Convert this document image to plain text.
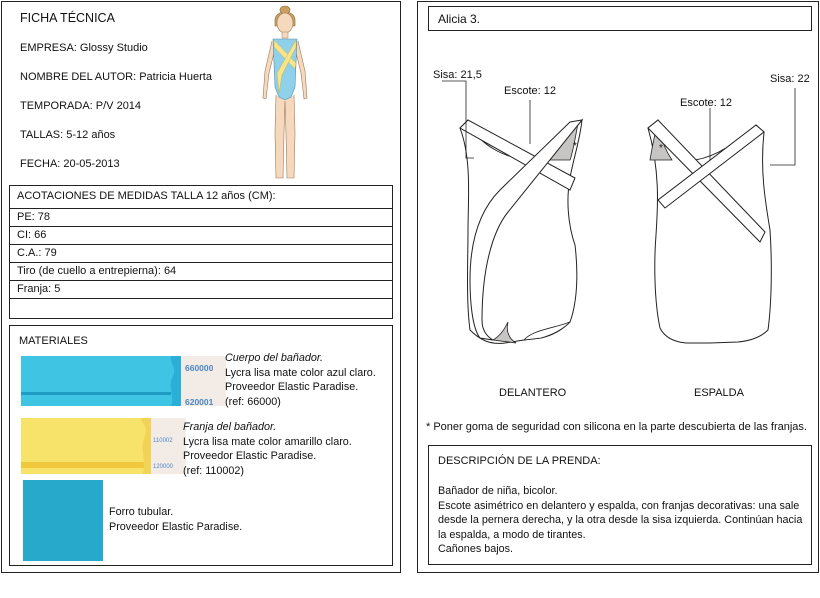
FICHA TÉCNICA
EMPRESA: Glossy Studio
NOMBRE DEL AUTOR: Patricia Huerta
TEMPORADA: P/V 2014
TALLAS: 5-12 años
FECHA: 20-05-2013
ACOTACIONES DE MEDIDAS TALLA 12 años (CM):
PE: 78
CI: 66
C.A.: 79
Tiro (de cuello a entrepierna): 64
Franja: 5
MATERIALES
660000
620001
Cuerpo del bañador.
Lycra lisa mate color azul claro.
Proveedor Elastic Paradise.
(ref: 66000)
110002
120000
Franja del bañador.
Lycra lisa mate color amarillo claro.
Proveedor Elastic Paradise.
(ref: 110002)
Forro tubular.
Proveedor Elastic Paradise.
Alicia 3.
Sisa: 21,5
Escote: 12
Escote: 12
Sisa: 22
*	*
DELANTERO	ESPALDA
* Poner goma de seguridad con silicona en la parte descubierta de las franjas.
DESCRIPCIÓN DE LA PRENDA:
Bañador de niña, bicolor.
Escote asimétrico en delantero y espalda, con franjas decorativas: una sale
desde la pernera derecha, y la otra desde la sisa izquierda. Continúan hacia
la espalda, a modo de tirantes.
Cañones bajos.
